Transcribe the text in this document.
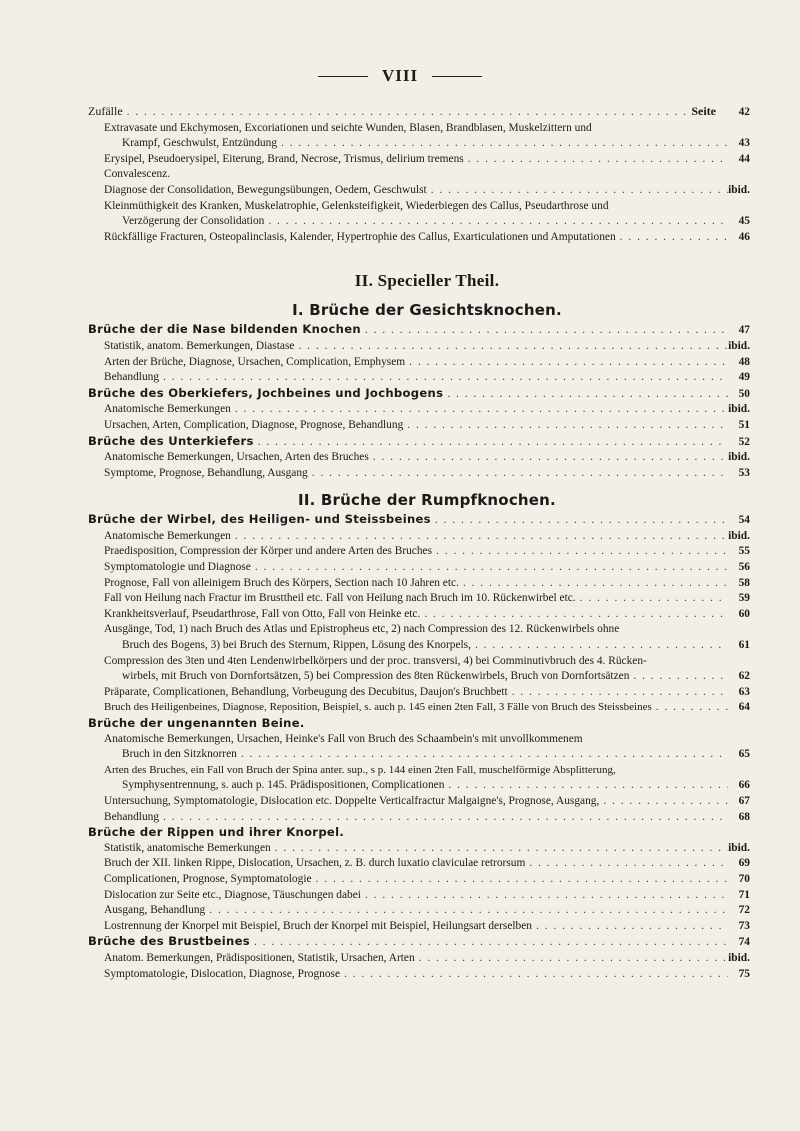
VIII
Zufälle . . .	Seite	42
Extravasate und Ekchymosen, Excoriationen und seichte Wunden, Blasen, Brandblasen, Muskelzittern und
Krampf, Geschwulst, Entzündung . . .	43
Erysipel, Pseudoerysipel, Eiterung, Brand, Necrose, Trismus, delirium tremens . . .	44
Convalescenz.
Diagnose der Consolidation, Bewegungsübungen, Oedem, Geschwulst . . .	ibid.
Kleinmüthigkeit des Kranken, Muskelatrophie, Gelenksteifigkeit, Wiederbiegen des Callus, Pseudarthrose und
Verzögerung der Consolidation . . .	45
Rückfällige Fracturen, Osteopalinclasis, Kalender, Hypertrophie des Callus, Exarticulationen und Amputationen . . .	46
II. Specieller Theil.
I. Brüche der Gesichtsknochen.
Brüche der die Nase bildenden Knochen . . .	47
Statistik, anatom. Bemerkungen, Diastase . . .	ibid.
Arten der Brüche, Diagnose, Ursachen, Complication, Emphysem . . .	48
Behandlung . . .	49
Brüche des Oberkiefers, Jochbeines und Jochbogens . . .	50
Anatomische Bemerkungen . . .	ibid.
Ursachen, Arten, Complication, Diagnose, Prognose, Behandlung . . .	51
Brüche des Unterkiefers . . .	52
Anatomische Bemerkungen, Ursachen, Arten des Bruches . . .	ibid.
Symptome, Prognose, Behandlung, Ausgang . . .	53
II. Brüche der Rumpfknochen.
Brüche der Wirbel, des Heiligen- und Steissbeines . . .	54
Anatomische Bemerkungen . . .	ibid.
Praedisposition, Compression der Körper und andere Arten des Bruches . . .	55
Symptomatologie und Diagnose . . .	56
Prognose, Fall von alleinigem Bruch des Körpers, Section nach 10 Jahren etc. . . .	58
Fall von Heilung nach Fractur im Brusttheil etc. Fall von Heilung nach Bruch im 10. Rückenwirbel etc. . . .	59
Krankheitsverlauf, Pseudarthrose, Fall von Otto, Fall von Heinke etc. . . .	60
Ausgänge, Tod, 1) nach Bruch des Atlas und Epistropheus etc, 2) nach Compression des 12. Rückenwirbels ohne
Bruch des Bogens, 3) bei Bruch des Sternum, Rippen, Lösung des Knorpels, . . .	61
Compression des 3ten und 4ten Lendenwirbelkörpers und der proc. transversi, 4) bei Comminutivbruch des 4. Rücken-
wirbels, mit Bruch von Dornfortsätzen, 5) bei Compression des 8ten Rückenwirbels, Bruch von Dornfortsätzen . . .	62
Präparate, Complicationen, Behandlung, Vorbeugung des Decubitus, Daujon's Bruchbett . . .	63
Bruch des Heiligenbeines, Diagnose, Reposition, Beispiel, s. auch p. 145 einen 2ten Fall, 3 Fälle von Bruch des Steissbeines . . .	64
Brüche der ungenannten Beine.
Anatomische Bemerkungen, Ursachen, Heinke's Fall von Bruch des Schaambein's mit unvollkommenem
Bruch in den Sitzknorren . . .	65
Arten des Bruches, ein Fall von Bruch der Spina anter. sup., s p. 144 einen 2ten Fall, muschelförmige Absplitterung,
Symphysentrennung, s. auch p. 145. Prädispositionen, Complicationen . . .	66
Untersuchung, Symptomatologie, Dislocation etc. Doppelte Verticalfractur Malgaigne's, Prognose, Ausgang, . . .	67
Behandlung . . .	68
Brüche der Rippen und ihrer Knorpel.
Statistik, anatomische Bemerkungen . . .	ibid.
Bruch der XII. linken Rippe, Dislocation, Ursachen, z. B. durch luxatio claviculae retrorsum . . .	69
Complicationen, Prognose, Symptomatologie . . .	70
Dislocation zur Seite etc., Diagnose, Täuschungen dabei . . .	71
Ausgang, Behandlung . . .	72
Lostrennung der Knorpel mit Beispiel, Bruch der Knorpel mit Beispiel, Heilungsart derselben . . .	73
Brüche des Brustbeines . . .	74
Anatom. Bemerkungen, Prädispositionen, Statistik, Ursachen, Arten . . .	ibid.
Symptomatologie, Dislocation, Diagnose, Prognose . . .	75
